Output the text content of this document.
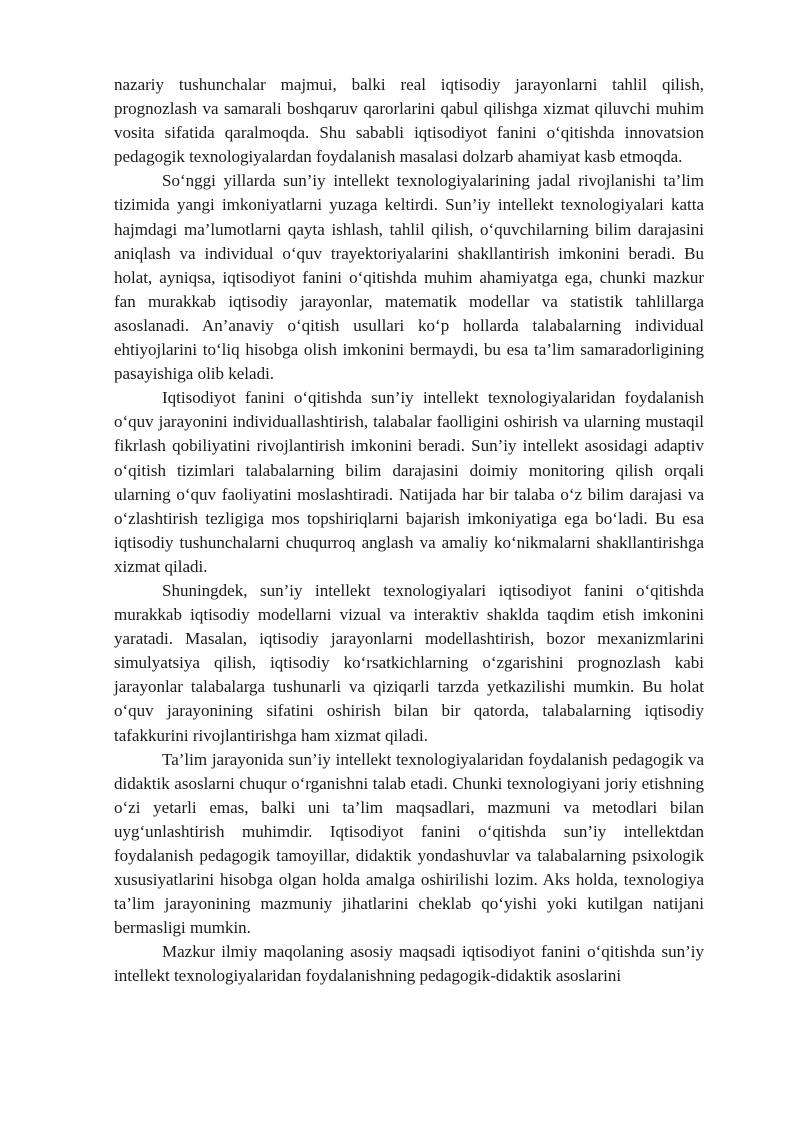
nazariy tushunchalar majmui, balki real iqtisodiy jarayonlarni tahlil qilish, prognozlash va samarali boshqaruv qarorlarini qabul qilishga xizmat qiluvchi muhim vosita sifatida qaralmoqda. Shu sababli iqtisodiyot fanini o‘qitishda innovatsion pedagogik texnologiyalardan foydalanish masalasi dolzarb ahamiyat kasb etmoqda.

So‘nggi yillarda sun’iy intellekt texnologiyalarining jadal rivojlanishi ta’lim tizimida yangi imkoniyatlarni yuzaga keltirdi. Sun’iy intellekt texnologiyalari katta hajmdagi ma’lumotlarni qayta ishlash, tahlil qilish, o‘quvchilarning bilim darajasini aniqlash va individual o‘quv trayektoriyalarini shakllantirish imkonini beradi. Bu holat, ayniqsa, iqtisodiyot fanini o‘qitishda muhim ahamiyatga ega, chunki mazkur fan murakkab iqtisodiy jarayonlar, matematik modellar va statistik tahlillarga asoslanadi. An’anaviy o‘qitish usullari ko‘p hollarda talabalarning individual ehtiyojlarini to‘liq hisobga olish imkonini bermaydi, bu esa ta’lim samaradorligining pasayishiga olib keladi.

Iqtisodiyot fanini o‘qitishda sun’iy intellekt texnologiyalaridan foydalanish o‘quv jarayonini individuallashtirish, talabalar faolligini oshirish va ularning mustaqil fikrlash qobiliyatini rivojlantirish imkonini beradi. Sun’iy intellekt asosidagi adaptiv o‘qitish tizimlari talabalarning bilim darajasini doimiy monitoring qilish orqali ularning o‘quv faoliyatini moslashtiradi. Natijada har bir talaba o‘z bilim darajasi va o‘zlashtirish tezligiga mos topshiriqlarni bajarish imkoniyatiga ega bo‘ladi. Bu esa iqtisodiy tushunchalarni chuqurroq anglash va amaliy ko‘nikmalarni shakllantirishga xizmat qiladi.

Shuningdek, sun’iy intellekt texnologiyalari iqtisodiyot fanini o‘qitishda murakkab iqtisodiy modellarni vizual va interaktiv shaklda taqdim etish imkonini yaratadi. Masalan, iqtisodiy jarayonlarni modellashtirish, bozor mexanizmlarini simulyatsiya qilish, iqtisodiy ko‘rsatkichlarning o‘zgarishini prognozlash kabi jarayonlar talabalarga tushunarli va qiziqarli tarzda yetkazilishi mumkin. Bu holat o‘quv jarayonining sifatini oshirish bilan bir qatorda, talabalarning iqtisodiy tafakkurini rivojlantirishga ham xizmat qiladi.

Ta’lim jarayonida sun’iy intellekt texnologiyalaridan foydalanish pedagogik va didaktik asoslarni chuqur o‘rganishni talab etadi. Chunki texnologiyani joriy etishning o‘zi yetarli emas, balki uni ta’lim maqsadlari, mazmuni va metodlari bilan uyg‘unlashtirish muhimdir. Iqtisodiyot fanini o‘qitishda sun’iy intellektdan foydalanish pedagogik tamoyillar, didaktik yondashuvlar va talabalarning psixologik xususiyatlarini hisobga olgan holda amalga oshirilishi lozim. Aks holda, texnologiya ta’lim jarayonining mazmuniy jihatlarini cheklab qo‘yishi yoki kutilgan natijani bermasligi mumkin.

Mazkur ilmiy maqolaning asosiy maqsadi iqtisodiyot fanini o‘qitishda sun’iy intellekt texnologiyalaridan foydalanishning pedagogik-didaktik asoslarini
